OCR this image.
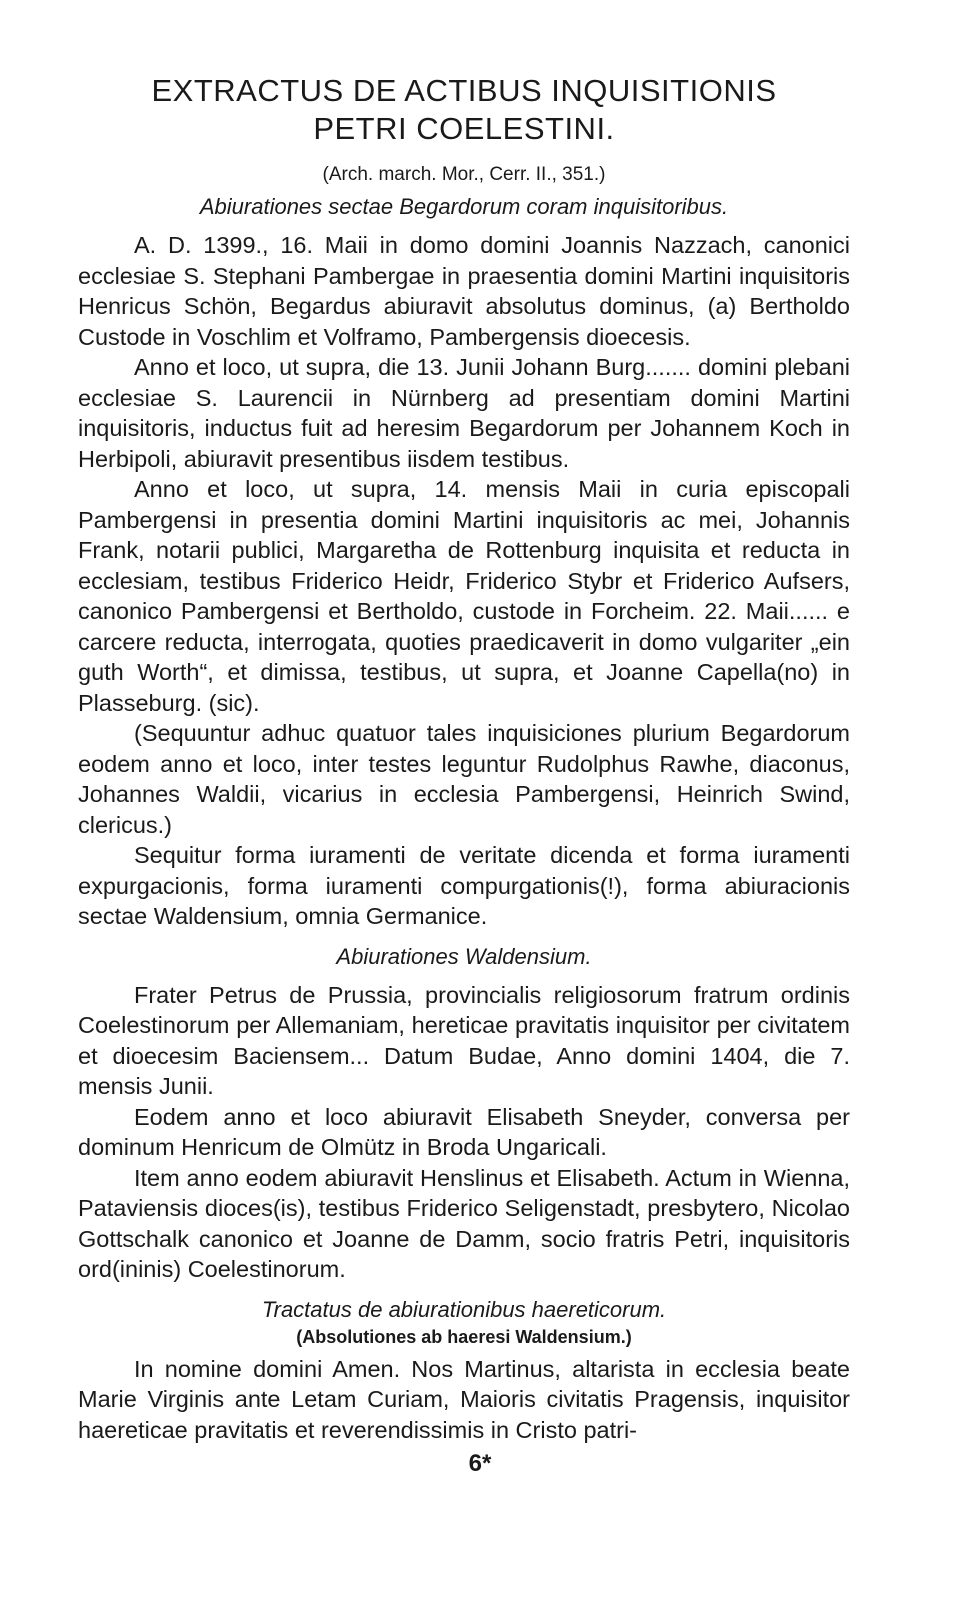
EXTRACTUS DE ACTIBUS INQUISITIONIS
PETRI COELESTINI.
(Arch. march. Mor., Cerr. II., 351.)
Abiurationes sectae Begardorum coram inquisitoribus.

A. D. 1399., 16. Maii in domo domini Joannis Nazzach, canonici ecclesiae S. Stephani Pambergae in praesentia domini Martini inquisitoris Henricus Schön, Begardus abiuravit absolutus dominus, (a) Bertholdo Custode in Voschlim et Volframo, Pambergensis dioecesis.

Anno et loco, ut supra, die 13. Junii Johann Burg....... domini plebani ecclesiae S. Laurencii in Nürnberg ad presentiam domini Martini inquisitoris, inductus fuit ad heresim Begardorum per Johannem Koch in Herbipoli, abiuravit presentibus iisdem testibus.

Anno et loco, ut supra, 14. mensis Maii in curia episcopali Pambergensi in presentia domini Martini inquisitoris ac mei, Johannis Frank, notarii publici, Margaretha de Rottenburg inquisita et reducta in ecclesiam, testibus Friderico Heidr, Friderico Stybr et Friderico Aufsers, canonico Pambergensi et Bertholdo, custode in Forcheim. 22. Maii...... e carcere reducta, interrogata, quoties praedicaverit in domo vulgariter „ein guth Worth“, et dimissa, testibus, ut supra, et Joanne Capella(no) in Plasseburg. (sic).

(Sequuntur adhuc quatuor tales inquisiciones plurium Begardorum eodem anno et loco, inter testes leguntur Rudolphus Rawhe, diaconus, Johannes Waldii, vicarius in ecclesia Pambergensi, Heinrich Swind, clericus.)

Sequitur forma iuramenti de veritate dicenda et forma iuramenti expurgacionis, forma iuramenti compurgationis(!), forma abiuracionis sectae Waldensium, omnia Germanice.

Abiurationes Waldensium.

Frater Petrus de Prussia, provincialis religiosorum fratrum ordinis Coelestinorum per Allemaniam, hereticae pravitatis inquisitor per civitatem et dioecesim Baciensem... Datum Budae, Anno domini 1404, die 7. mensis Junii.

Eodem anno et loco abiuravit Elisabeth Sneyder, conversa per dominum Henricum de Olmütz in Broda Ungaricali.

Item anno eodem abiuravit Henslinus et Elisabeth. Actum in Wienna, Pataviensis dioces(is), testibus Friderico Seligenstadt, presbytero, Nicolao Gottschalk canonico et Joanne de Damm, socio fratris Petri, inquisitoris ord(ininis) Coelestinorum.

Tractatus de abiurationibus haereticorum.
(Absolutiones ab haeresi Waldensium.)

In nomine domini Amen. Nos Martinus, altarista in ecclesia beate Marie Virginis ante Letam Curiam, Maioris civitatis Pragensis, inquisitor haereticae pravitatis et reverendissimis in Cristo patri-

6*
